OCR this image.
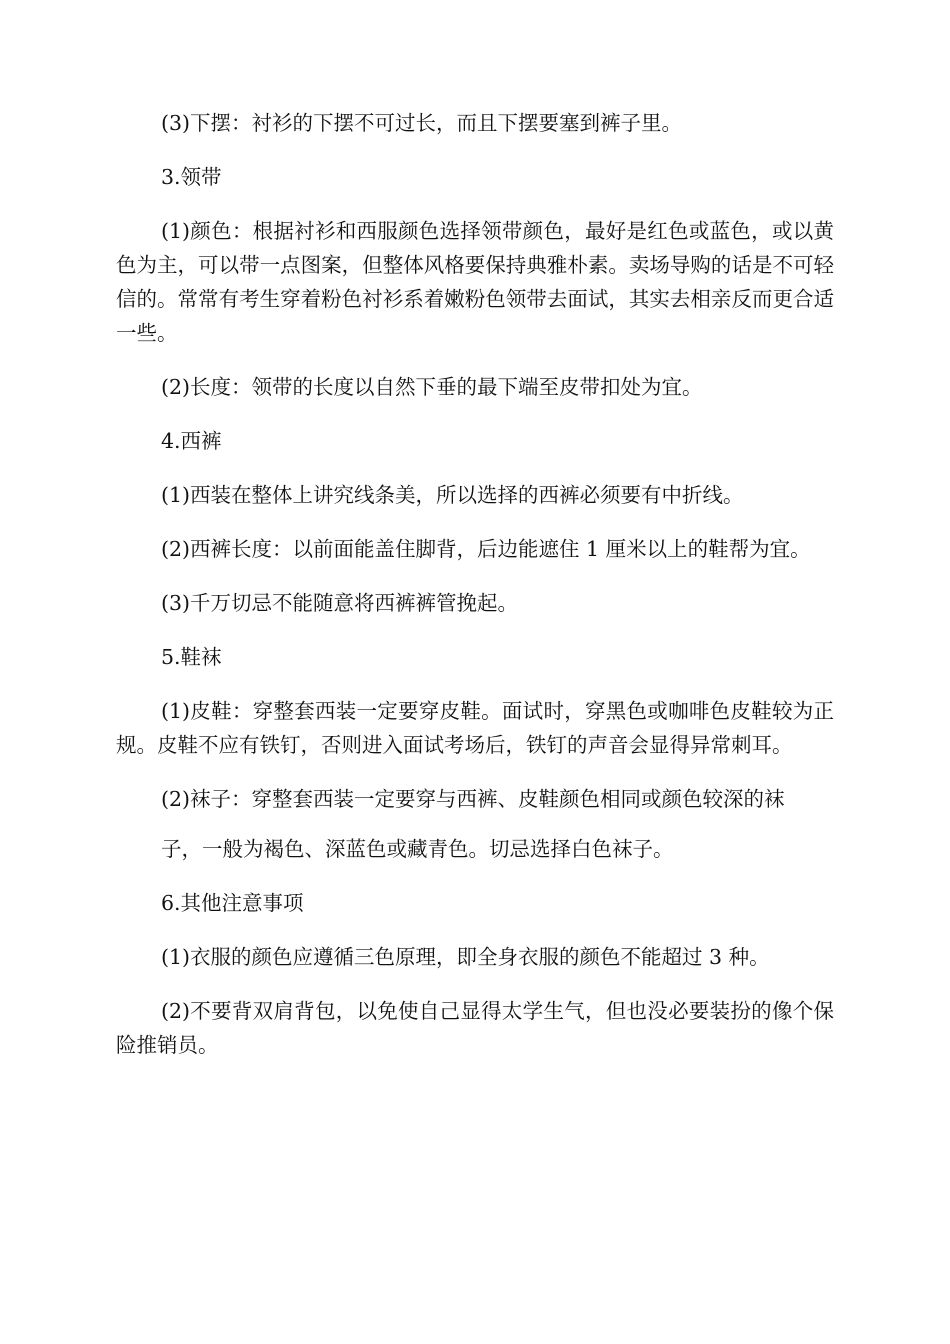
(3)下摆：衬衫的下摆不可过长，而且下摆要塞到裤子里。

3.领带

(1)颜色：根据衬衫和西服颜色选择领带颜色，最好是红色或蓝色，或以黄色为主，可以带一点图案，但整体风格要保持典雅朴素。卖场导购的话是不可轻信的。常常有考生穿着粉色衬衫系着嫩粉色领带去面试，其实去相亲反而更合适一些。

(2)长度：领带的长度以自然下垂的最下端至皮带扣处为宜。

4.西裤

(1)西装在整体上讲究线条美，所以选择的西裤必须要有中折线。

(2)西裤长度：以前面能盖住脚背，后边能遮住 1 厘米以上的鞋帮为宜。

(3)千万切忌不能随意将西裤裤管挽起。

5.鞋袜

(1)皮鞋：穿整套西装一定要穿皮鞋。面试时，穿黑色或咖啡色皮鞋较为正规。皮鞋不应有铁钉，否则进入面试考场后，铁钉的声音会显得异常刺耳。

(2)袜子：穿整套西装一定要穿与西裤、皮鞋颜色相同或颜色较深的袜

子，一般为褐色、深蓝色或藏青色。切忌选择白色袜子。

6.其他注意事项

(1)衣服的颜色应遵循三色原理，即全身衣服的颜色不能超过 3 种。

(2)不要背双肩背包，以免使自己显得太学生气，但也没必要装扮的像个保险推销员。
